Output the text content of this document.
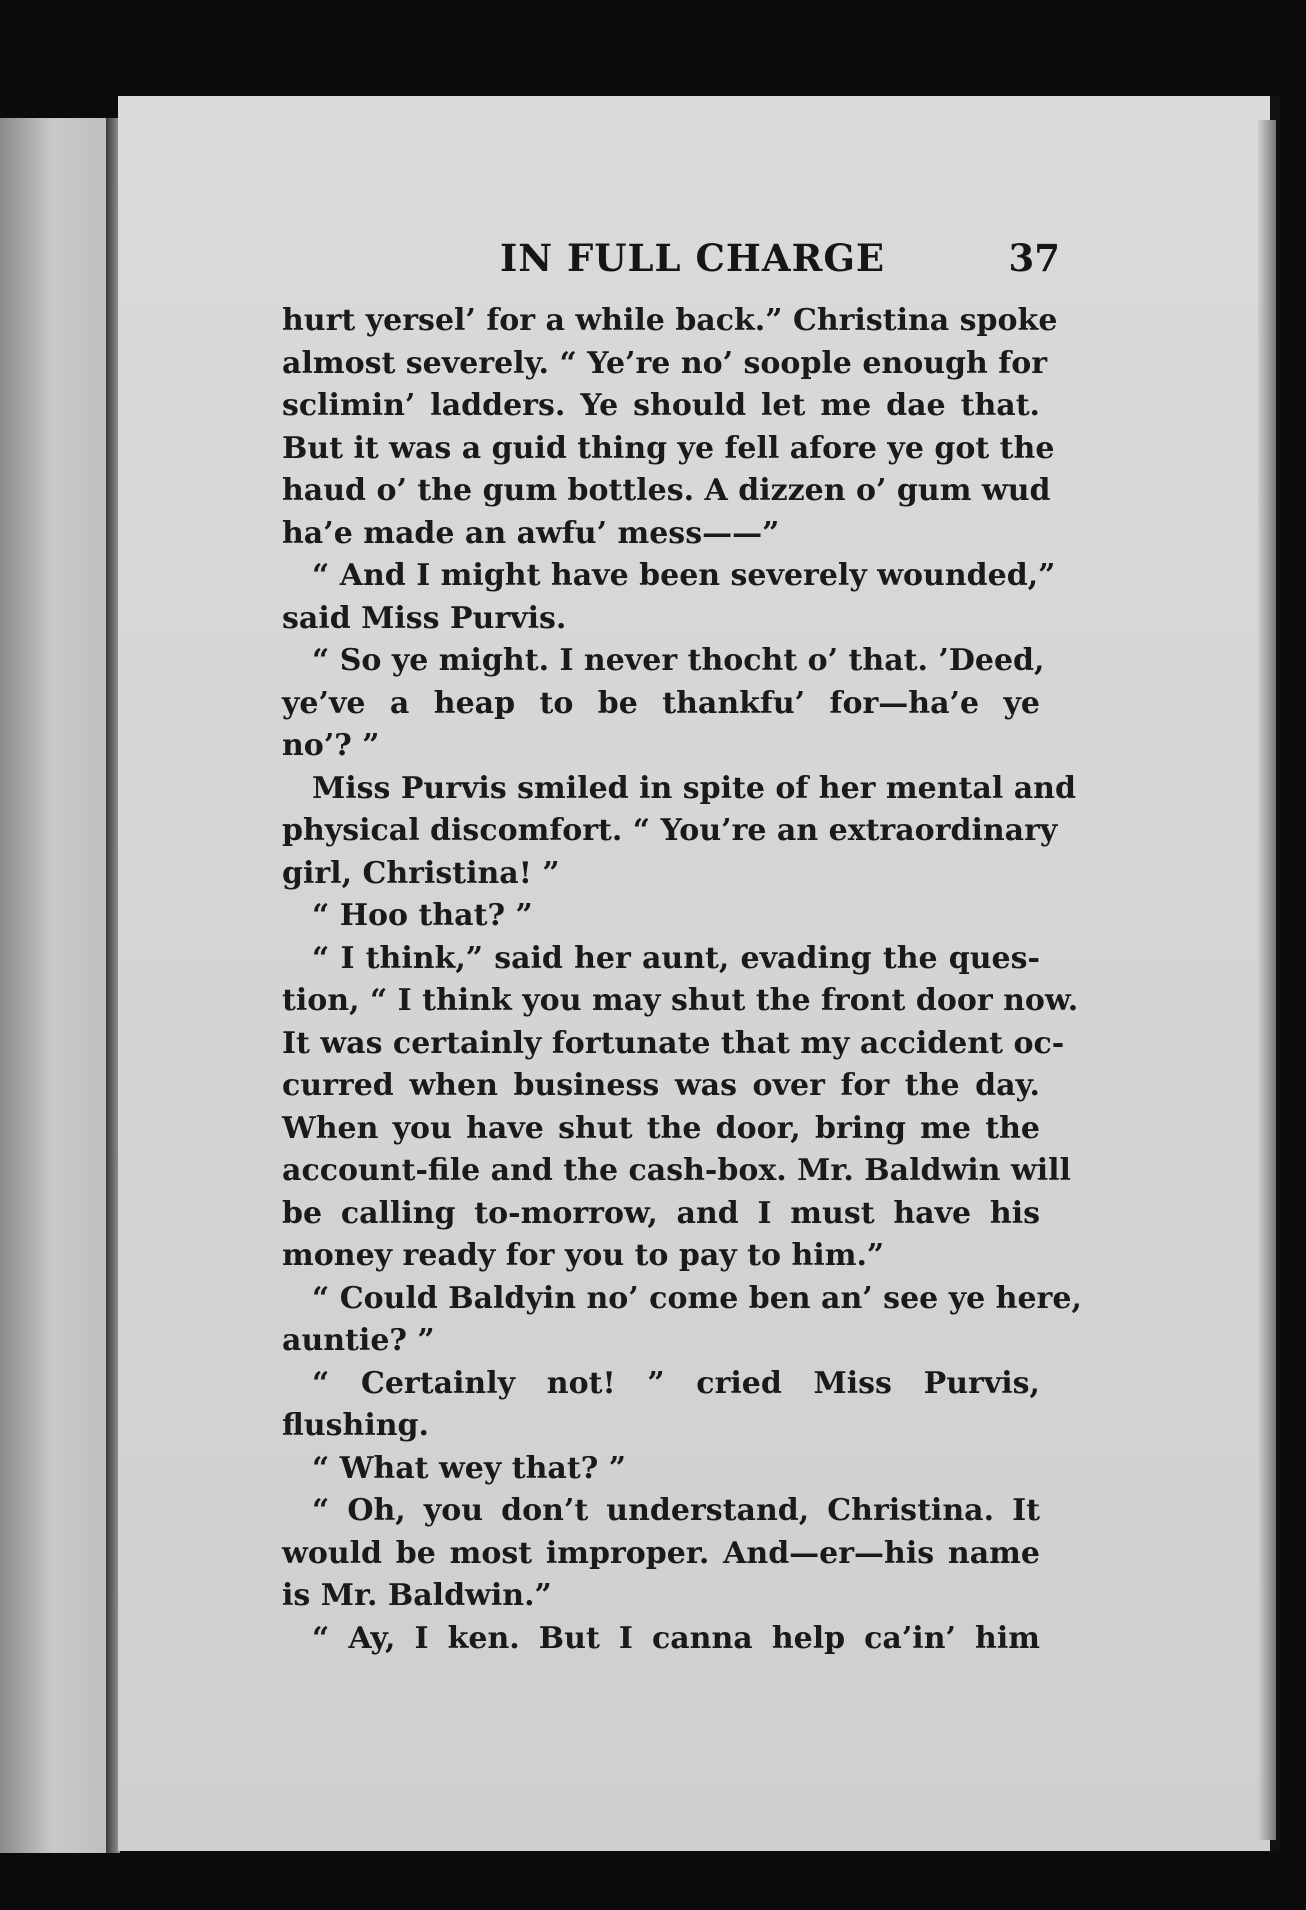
IN FULL CHARGE	37
hurt yersel’ for a while back.” Christina spoke
almost severely. “ Ye’re no’ soople enough for
sclimin’ ladders. Ye should let me dae that.
But it was a guid thing ye fell afore ye got the
haud o’ the gum bottles. A dizzen o’ gum wud
ha’e made an awfu’ mess——”
“ And I might have been severely wounded,”
said Miss Purvis.
“ So ye might. I never thocht o’ that. ’Deed,
ye’ve a heap to be thankfu’ for—ha’e ye
no’? ”
Miss Purvis smiled in spite of her mental and
physical discomfort. “ You’re an extraordinary
girl, Christina! ”
“ Hoo that? ”
“ I think,” said her aunt, evading the ques-
tion, “ I think you may shut the front door now.
It was certainly fortunate that my accident oc-
curred when business was over for the day.
When you have shut the door, bring me the
account-file and the cash-box. Mr. Baldwin will
be calling to-morrow, and I must have his
money ready for you to pay to him.”
“ Could Baldyin no’ come ben an’ see ye here,
auntie? ”
“ Certainly not! ” cried Miss Purvis,
flushing.
“ What wey that? ”
“ Oh, you don’t understand, Christina. It
would be most improper. And—er—his name
is Mr. Baldwin.”
“ Ay, I ken. But I canna help ca’in’ him
